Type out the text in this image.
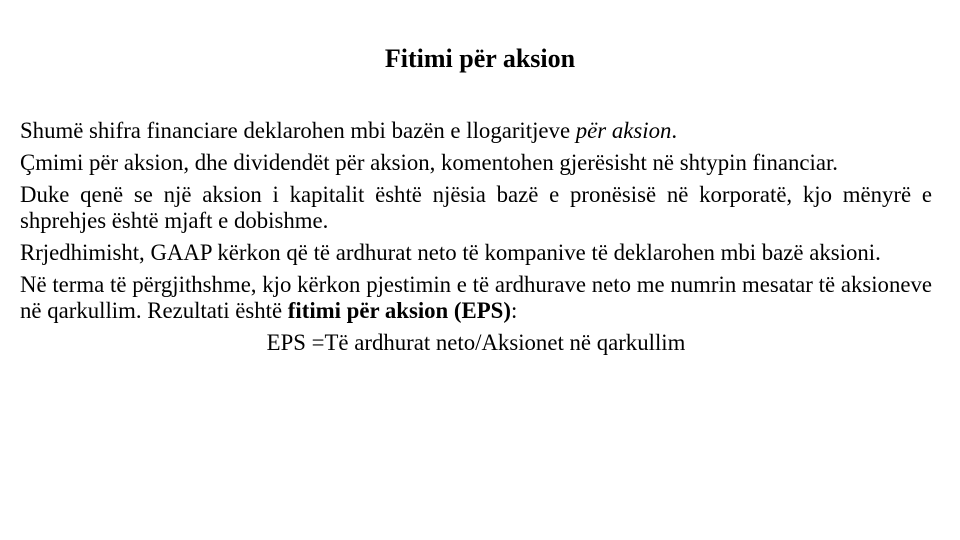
Fitimi për aksion

Shumë shifra financiare deklarohen mbi bazën e llogaritjeve për aksion.

Çmimi për aksion, dhe dividendët për aksion, komentohen gjerësisht në shtypin financiar.

Duke qenë se një aksion i kapitalit është njësia bazë e pronësisë në korporatë, kjo mënyrë e shprehjes është mjaft e dobishme.

Rrjedhimisht, GAAP kërkon që të ardhurat neto të kompanive të deklarohen mbi bazë aksioni.

Në terma të përgjithshme, kjo kërkon pjestimin e të ardhurave neto me numrin mesatar të aksioneve në qarkullim. Rezultati është fitimi për aksion (EPS):

EPS =Të ardhurat neto/Aksionet në qarkullim
